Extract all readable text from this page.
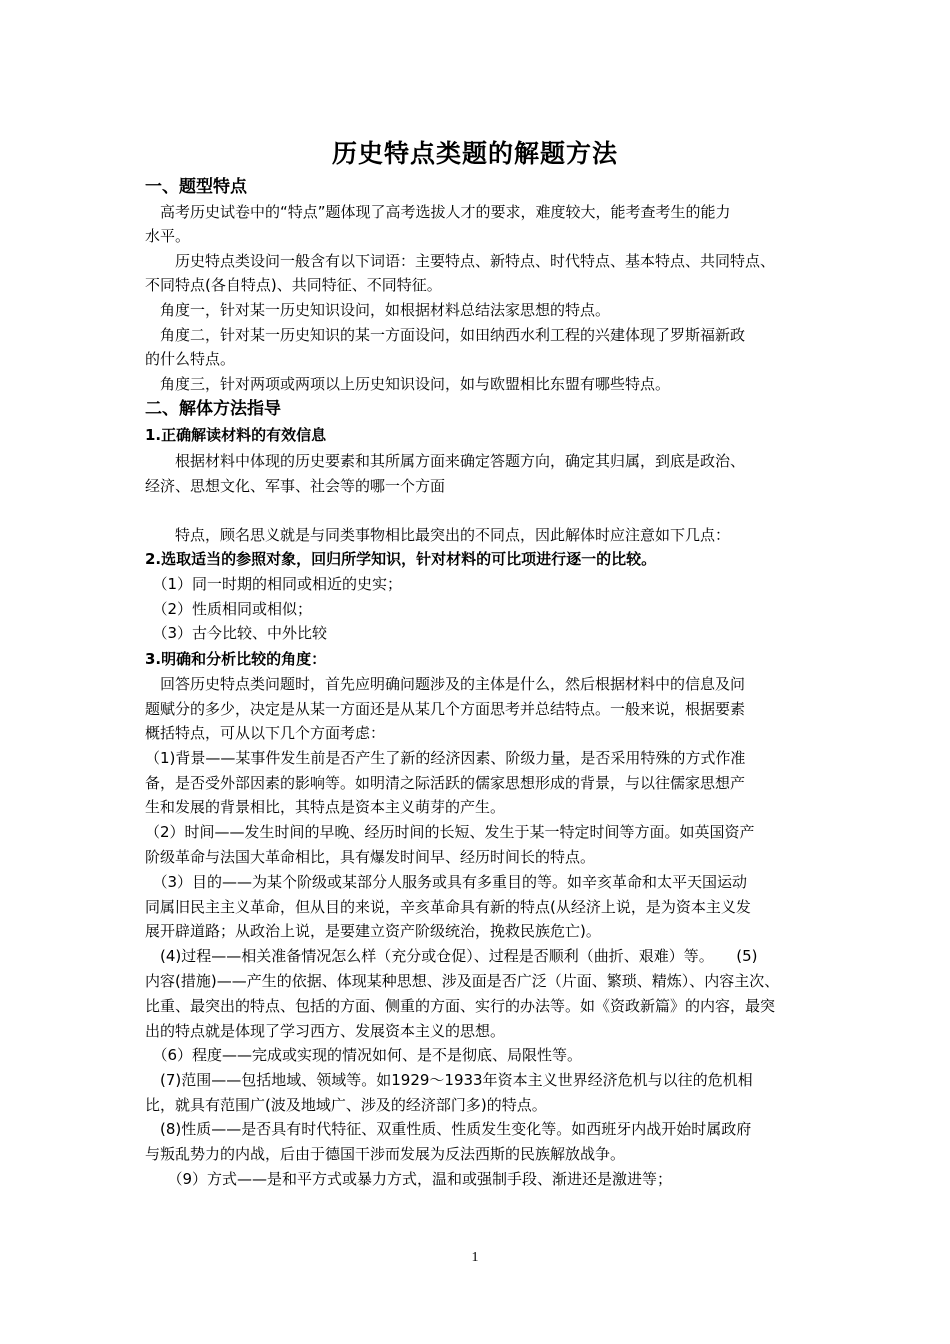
历史特点类题的解题方法
一、题型特点
　高考历史试卷中的“特点”题体现了高考选拔人才的要求，难度较大，能考查考生的能力
水平。
　　历史特点类设问一般含有以下词语：主要特点、新特点、时代特点、基本特点、共同特点、
不同特点(各自特点)、共同特征、不同特征。
　角度一，针对某一历史知识设问，如根据材料总结法家思想的特点。
　角度二，针对某一历史知识的某一方面设问，如田纳西水利工程的兴建体现了罗斯福新政
的什么特点。
　角度三，针对两项或两项以上历史知识设问，如与欧盟相比东盟有哪些特点。
二、解体方法指导
1.正确解读材料的有效信息
　　根据材料中体现的历史要素和其所属方面来确定答题方向，确定其归属，到底是政治、
经济、思想文化、军事、社会等的哪一个方面
　　特点，顾名思义就是与同类事物相比最突出的不同点，因此解体时应注意如下几点：
2.选取适当的参照对象，回归所学知识，针对材料的可比项进行逐一的比较。
　（1）同一时期的相同或相近的史实；
　（2）性质相同或相似；
　（3）古今比较、中外比较
3.明确和分析比较的角度：
　回答历史特点类问题时，首先应明确问题涉及的主体是什么，然后根据材料中的信息及问
题赋分的多少，决定是从某一方面还是从某几个方面思考并总结特点。一般来说，根据要素
概括特点，可从以下几个方面考虑：
（1)背景——某事件发生前是否产生了新的经济因素、阶级力量，是否采用特殊的方式作准
备，是否受外部因素的影响等。如明清之际活跃的儒家思想形成的背景，与以往儒家思想产
生和发展的背景相比，其特点是资本主义萌芽的产生。
（2）时间——发生时间的早晚、经历时间的长短、发生于某一特定时间等方面。如英国资产
阶级革命与法国大革命相比，具有爆发时间早、经历时间长的特点。
　（3）目的——为某个阶级或某部分人服务或具有多重目的等。如辛亥革命和太平天国运动
同属旧民主主义革命，但从目的来说，辛亥革命具有新的特点(从经济上说，是为资本主义发
展开辟道路；从政治上说，是要建立资产阶级统治，挽救民族危亡)。
　(4)过程——相关准备情况怎么样（充分或仓促）、过程是否顺利（曲折、艰难）等。　　(5)
内容(措施)——产生的依据、体现某种思想、涉及面是否广泛（片面、繁琐、精炼）、内容主次、
比重、最突出的特点、包括的方面、侧重的方面、实行的办法等。如《资政新篇》的内容，最突
出的特点就是体现了学习西方、发展资本主义的思想。
　（6）程度——完成或实现的情况如何、是不是彻底、局限性等。
　(7)范围——包括地域、领域等。如1929～1933年资本主义世界经济危机与以往的危机相
比，就具有范围广(波及地域广、涉及的经济部门多)的特点。
　(8)性质——是否具有时代特征、双重性质、性质发生变化等。如西班牙内战开始时属政府
与叛乱势力的内战，后由于德国干涉而发展为反法西斯的民族解放战争。
　　（9）方式——是和平方式或暴力方式，温和或强制手段、渐进还是激进等；
1
